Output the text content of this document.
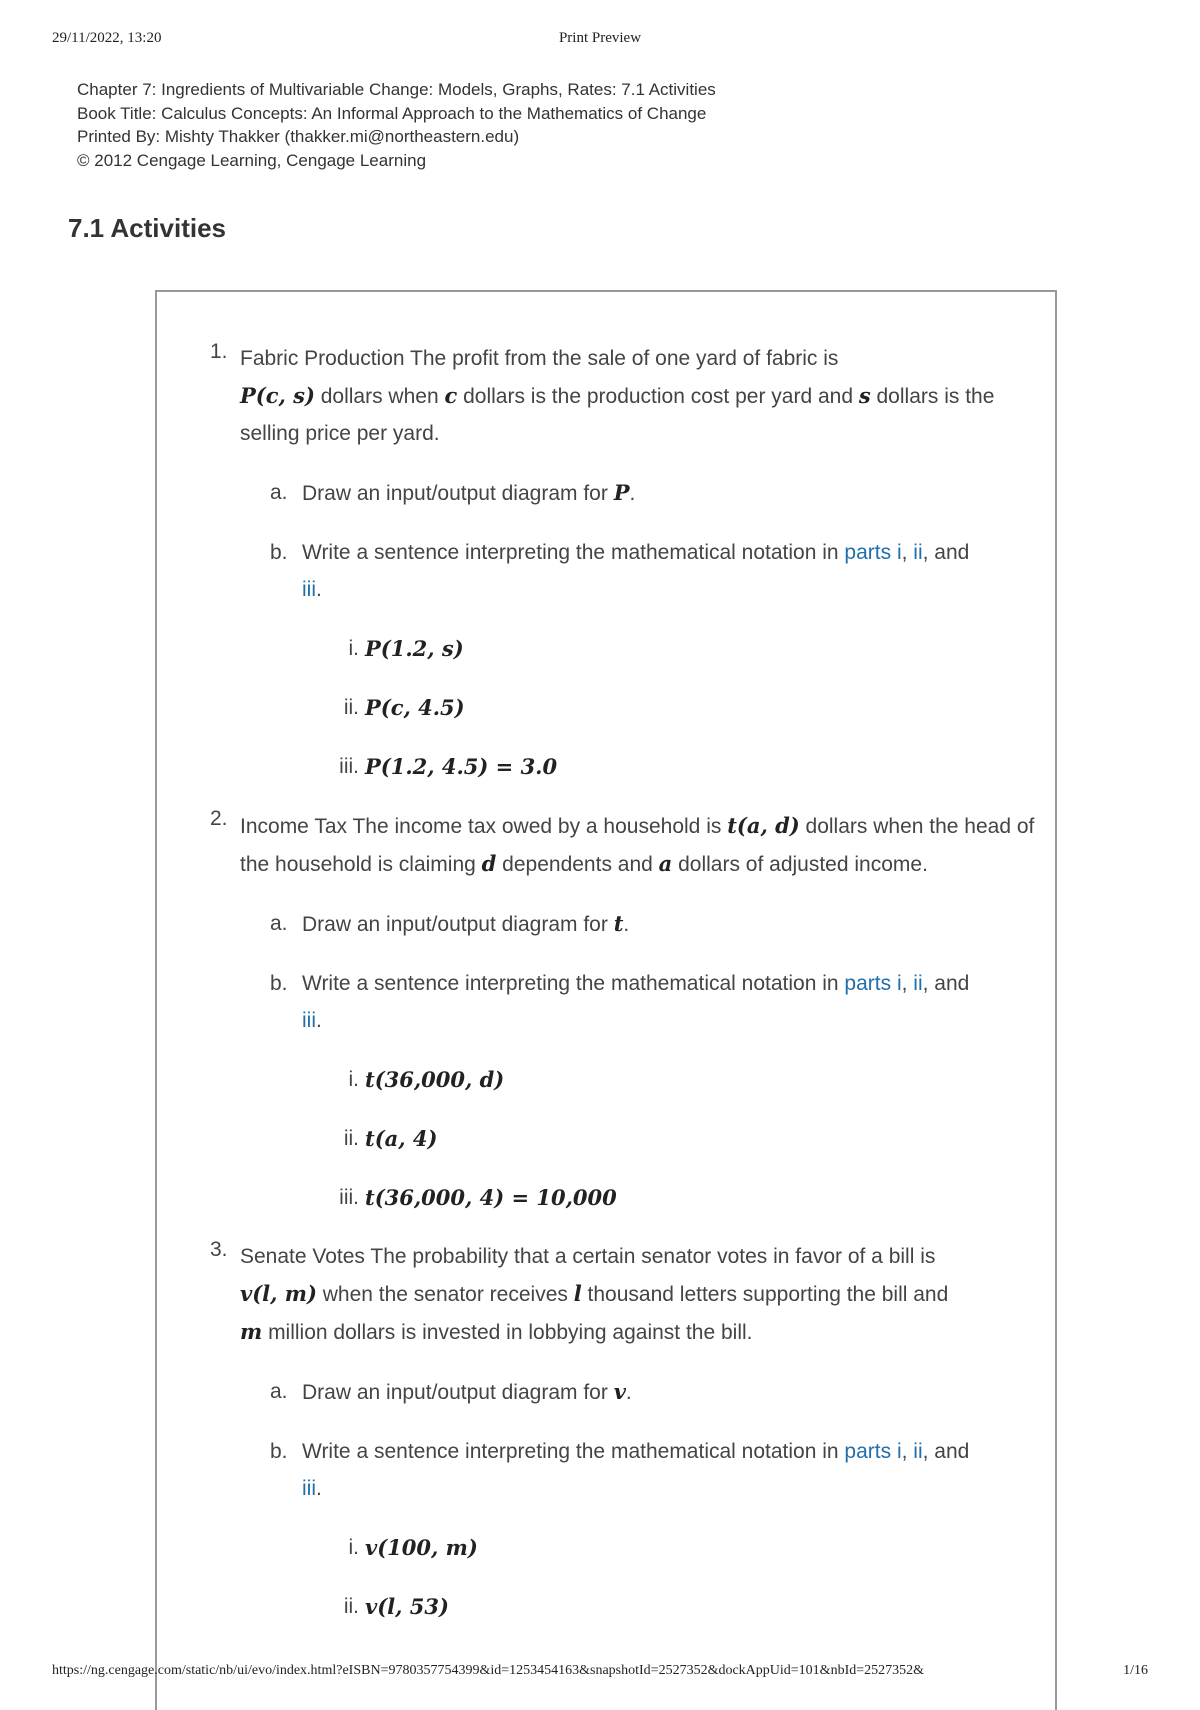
29/11/2022, 13:20	Print Preview
Chapter 7: Ingredients of Multivariable Change: Models, Graphs, Rates: 7.1 Activities
Book Title: Calculus Concepts: An Informal Approach to the Mathematics of Change
Printed By: Mishty Thakker (thakker.mi@northeastern.edu)
© 2012 Cengage Learning, Cengage Learning
7.1 Activities
1. Fabric Production The profit from the sale of one yard of fabric is
P(c, s) dollars when c dollars is the production cost per yard and s dollars is the selling price per yard.

a. Draw an input/output diagram for P.
b. Write a sentence interpreting the mathematical notation in parts i, ii, and
iii.
i. P(1.2, s)
ii. P(c, 4.5)
iii. P(1.2, 4.5) = 3.0
2. Income Tax The income tax owed by a household is t(a, d) dollars when the head of the household is claiming d dependents and a dollars of adjusted income.

a. Draw an input/output diagram for t.
b. Write a sentence interpreting the mathematical notation in parts i, ii, and
iii.
i. t(36,000, d)
ii. t(a, 4)
iii. t(36,000, 4) = 10,000
3. Senate Votes The probability that a certain senator votes in favor of a bill is
v(l, m) when the senator receives l thousand letters supporting the bill and
m million dollars is invested in lobbying against the bill.

a. Draw an input/output diagram for v.
b. Write a sentence interpreting the mathematical notation in parts i, ii, and
iii.
i. v(100, m)
ii. v(l, 53)
https://ng.cengage.com/static/nb/ui/evo/index.html?eISBN=9780357754399&id=1253454163&snapshotId=2527352&dockAppUid=101&nbId=2527352&	1/16
